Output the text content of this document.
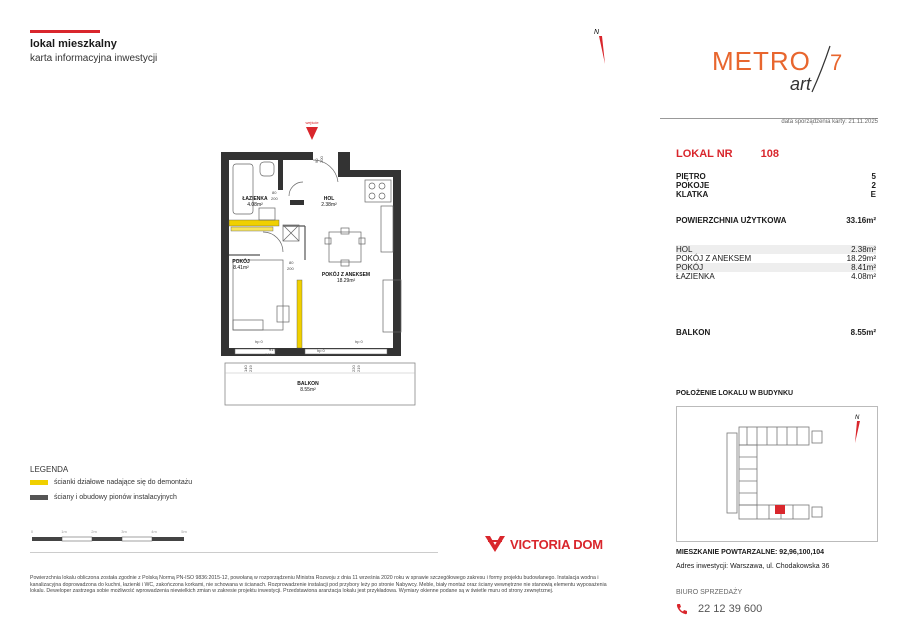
lokal mieszkalny
karta informacyjna inwestycji
N
METRO
art
7
data sporządzenia karty: 21.11.2025
LOKAL NR	108
PIĘTRO	5
POKOJE	2
KLATKA	E
POWIERZCHNIA UŻYTKOWA	33.16m²
HOL	2.38m²
POKÓJ Z ANEKSEM	18.29m²
POKÓJ	8.41m²
ŁAZIENKA	4.08m²
BALKON	8.55m²
POŁOŻENIE LOKALU W BUDYNKU
N
wejście
90 200
80
200
80
200
hp 0
91 lb
hp 0
hp 0
140
140 219	220 219
ŁAZIENKA
4.08m²
HOL
2.38m²
POKÓJ
8.41m²
POKÓJ Z ANEKSEM
18.29m²
BALKON
8.55m²
LEGENDA
ścianki działowe nadające się do demontażu
ściany i obudowy pionów instalacyjnych
0	1m	2m	3m	4m	5m
VICTORIA DOM
Powierzchnia lokalu obliczona została zgodnie z Polską Normą PN-ISO 9836:2015-12, powołaną w rozporządzeniu Ministra Rozwoju z dnia 11 września 2020 roku w sprawie szczegółowego zakresu i formy projektu budowlanego. Instalacja wodna i kanalizacyjna doprowadzona do kuchni, łazienki i WC, zakończona korkami, nie schowana w ścianach. Rozprowadzenie instalacji pod przybory leży po stronie Nabywcy. Meble, biały montaż oraz ściany wewnętrzne nie stanowią elementu wyposażenia lokalu. Deweloper zastrzega sobie możliwość wprowadzenia niewielkich zmian w zakresie projektu inwestycji. Przedstawiona aranżacja lokalu jest przykładowa. Wymiary okienne podane są w świetle muru od strony zewnętrznej.
MIESZKANIE POWTARZALNE: 92,96,100,104
Adres inwestycji: Warszawa, ul. Chodakowska 36
BIURO SPRZEDAŻY
22 12 39 600
